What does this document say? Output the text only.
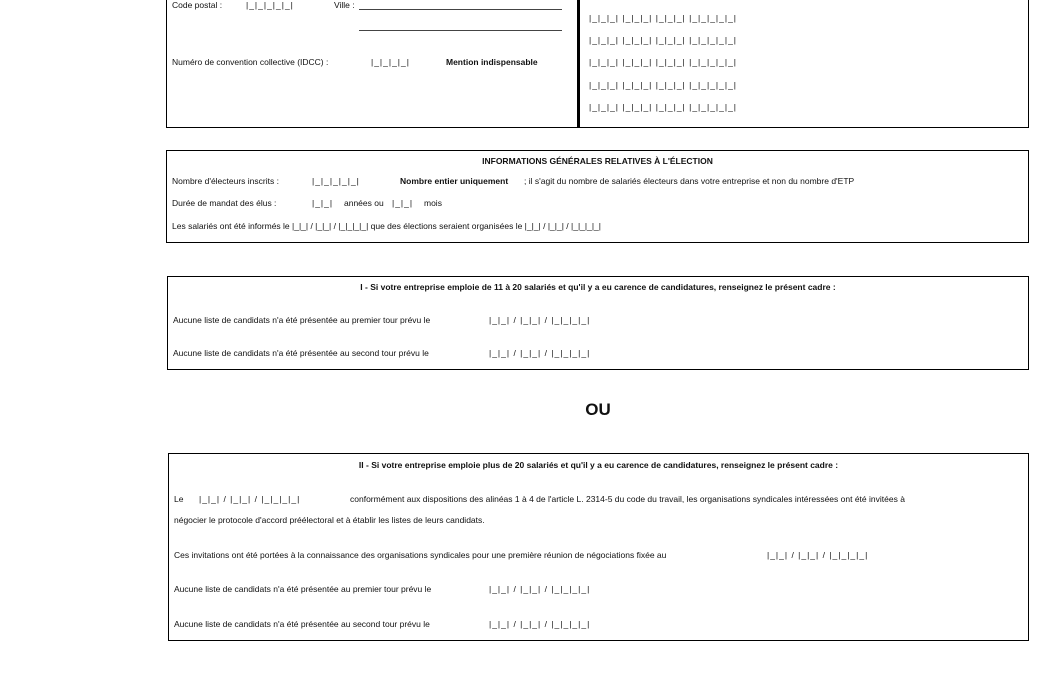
Code postal :	|_|_|_|_|_|	Ville :
Numéro de convention collective (IDCC) :	|_|_|_|_|	Mention indispensable
|_|_|_| |_|_|_| |_|_|_| |_|_|_|_|_|
|_|_|_| |_|_|_| |_|_|_| |_|_|_|_|_|
|_|_|_| |_|_|_| |_|_|_| |_|_|_|_|_|
|_|_|_| |_|_|_| |_|_|_| |_|_|_|_|_|
|_|_|_| |_|_|_| |_|_|_| |_|_|_|_|_|
INFORMATIONS GÉNÉRALES RELATIVES À L'ÉLECTION
Nombre d'électeurs inscrits :	|_|_|_|_|_|	Nombre entier uniquement ; il s'agit du nombre de salariés électeurs dans votre entreprise et non du nombre d'ETP
Durée de mandat des élus :	|_|_| années ou |_|_| mois
Les salariés ont été informés le |_|_| / |_|_| / |_|_|_|_| que des élections seraient organisées le |_|_| / |_|_| / |_|_|_|_|
I - Si votre entreprise emploie de 11 à 20 salariés et qu'il y a eu carence de candidatures, renseignez le présent cadre :
Aucune liste de candidats n'a été présentée au premier tour prévu le	|_|_| / |_|_| / |_|_|_|_|
Aucune liste de candidats n'a été présentée au second tour prévu le	|_|_| / |_|_| / |_|_|_|_|
OU
II - Si votre entreprise emploie plus de 20 salariés et qu'il y a eu carence de candidatures, renseignez le présent cadre :
Le |_|_| / |_|_| / |_|_|_|_|	conformément aux dispositions des alinéas 1 à 4 de l'article L. 2314-5 du code du travail, les organisations syndicales intéressées ont été invitées à
négocier le protocole d'accord préélectoral et à établir les listes de leurs candidats.
Ces invitations ont été portées à la connaissance des organisations syndicales pour une première réunion de négociations fixée au	|_|_| / |_|_| / |_|_|_|_|
Aucune liste de candidats n'a été présentée au premier tour prévu le	|_|_| / |_|_| / |_|_|_|_|
Aucune liste de candidats n'a été présentée au second tour prévu le	|_|_| / |_|_| / |_|_|_|_|
